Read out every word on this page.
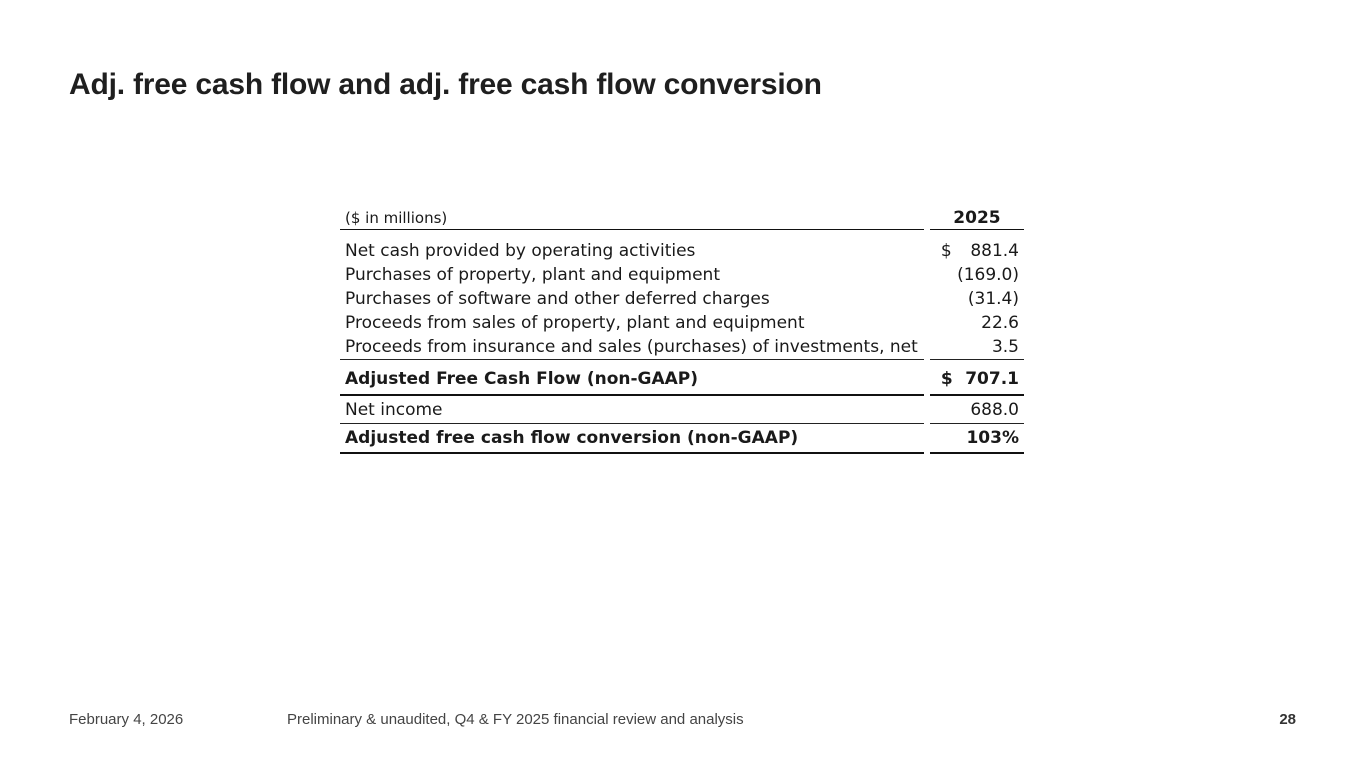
Adj. free cash flow and adj. free cash flow conversion
($ in millions)		2025

Net cash provided by operating activities		$ 881.4
Purchases of property, plant and equipment		(169.0)
Purchases of software and other deferred charges		(31.4)
Proceeds from sales of property, plant and equipment		22.6
Proceeds from insurance and sales (purchases) of investments, net		3.5
Adjusted Free Cash Flow (non-GAAP)		$ 707.1
Net income		688.0
Adjusted free cash flow conversion (non-GAAP)		103%
February 4, 2026	Preliminary & unaudited, Q4 & FY 2025 financial review and analysis	28
